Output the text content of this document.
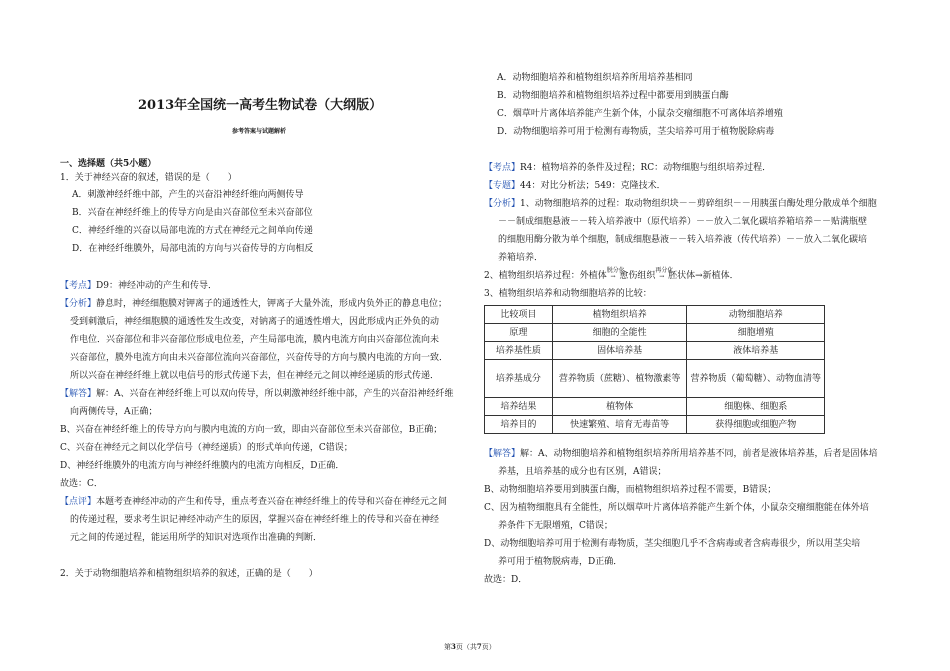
2013年全国统一高考生物试卷（大纲版）
参考答案与试题解析
一、选择题（共5小题）
1．关于神经兴奋的叙述，错误的是（　　）
A．刺激神经纤维中部，产生的兴奋沿神经纤维向两侧传导
B．兴奋在神经纤维上的传导方向是由兴奋部位至未兴奋部位
C．神经纤维的兴奋以局部电流的方式在神经元之间单向传递
D．在神经纤维膜外，局部电流的方向与兴奋传导的方向相反
【考点】D9：神经冲动的产生和传导．
【分析】静息时，神经细胞膜对钾离子的通透性大，钾离子大量外流，形成内负外正的静息电位；
受到刺激后，神经细胞膜的通透性发生改变，对钠离子的通透性增大，因此形成内正外负的动
作电位．兴奋部位和非兴奋部位形成电位差，产生局部电流，膜内电流方向由兴奋部位流向未
兴奋部位，膜外电流方向由未兴奋部位流向兴奋部位，兴奋传导的方向与膜内电流的方向一致．
所以兴奋在神经纤维上就以电信号的形式传递下去，但在神经元之间以神经递质的形式传递．
【解答】解：A、兴奋在神经纤维上可以双向传导，所以刺激神经纤维中部，产生的兴奋沿神经纤维
向两侧传导，A正确；
B、兴奋在神经纤维上的传导方向与膜内电流的方向一致，即由兴奋部位至未兴奋部位，B正确；
C、兴奋在神经元之间以化学信号（神经递质）的形式单向传递，C错误；
D、神经纤维膜外的电流方向与神经纤维膜内的电流方向相反，D正确．
故选：C．
【点评】本题考查神经冲动的产生和传导，重点考查兴奋在神经纤维上的传导和兴奋在神经元之间
的传递过程，要求考生识记神经冲动产生的原因，掌握兴奋在神经纤维上的传导和兴奋在神经
元之间的传递过程，能运用所学的知识对选项作出准确的判断．
2．关于动物细胞培养和植物组织培养的叙述，正确的是（　　）
A．动物细胞培养和植物组织培养所用培养基相同
B．动物细胞培养和植物组织培养过程中都要用到胰蛋白酶
C．烟草叶片离体培养能产生新个体，小鼠杂交瘤细胞不可离体培养增殖
D．动物细胞培养可用于检测有毒物质，茎尖培养可用于植物脱除病毒
【考点】R4：植物培养的条件及过程；RC：动物细胞与组织培养过程．
【专题】44：对比分析法；549：克隆技术．
【分析】1、动物细胞培养的过程：取动物组织块－－剪碎组织－－用胰蛋白酶处理分散成单个细胞
－－制成细胞悬液－－转入培养液中（原代培养）－－放入二氧化碳培养箱培养－－贴满瓶壁
的细胞用酶分散为单个细胞，制成细胞悬液－－转入培养液（传代培养）－－放入二氧化碳培
养箱培养．
2、植物组织培养过程：外植体
脱分化
→  愈伤组织
再分化
→  胚状体→新植体．
3、植物组织培养和动物细胞培养的比较：
比较项目	植物组织培养	动物细胞培养
原理	细胞的全能性	细胞增殖
培养基性质	固体培养基	液体培养基
培养基成分	营养物质（蔗糖）、植物激素等	营养物质（葡萄糖）、动物血清等
培养结果	植物体	细胞株、细胞系
培养目的	快速繁殖、培育无毒苗等	获得细胞或细胞产物
【解答】解：A、动物细胞培养和植物组织培养所用培养基不同，前者是液体培养基，后者是固体培
养基，且培养基的成分也有区别，A错误；
B、动物细胞培养要用到胰蛋白酶，而植物组织培养过程不需要，B错误；
C、因为植物细胞具有全能性，所以烟草叶片离体培养能产生新个体，小鼠杂交瘤细胞能在体外培
养条件下无限增殖，C错误；
D、动物细胞培养可用于检测有毒物质，茎尖细胞几乎不含病毒或者含病毒很少，所以用茎尖培
养可用于植物脱病毒，D正确．
故选：D．
第3页（共7页）
